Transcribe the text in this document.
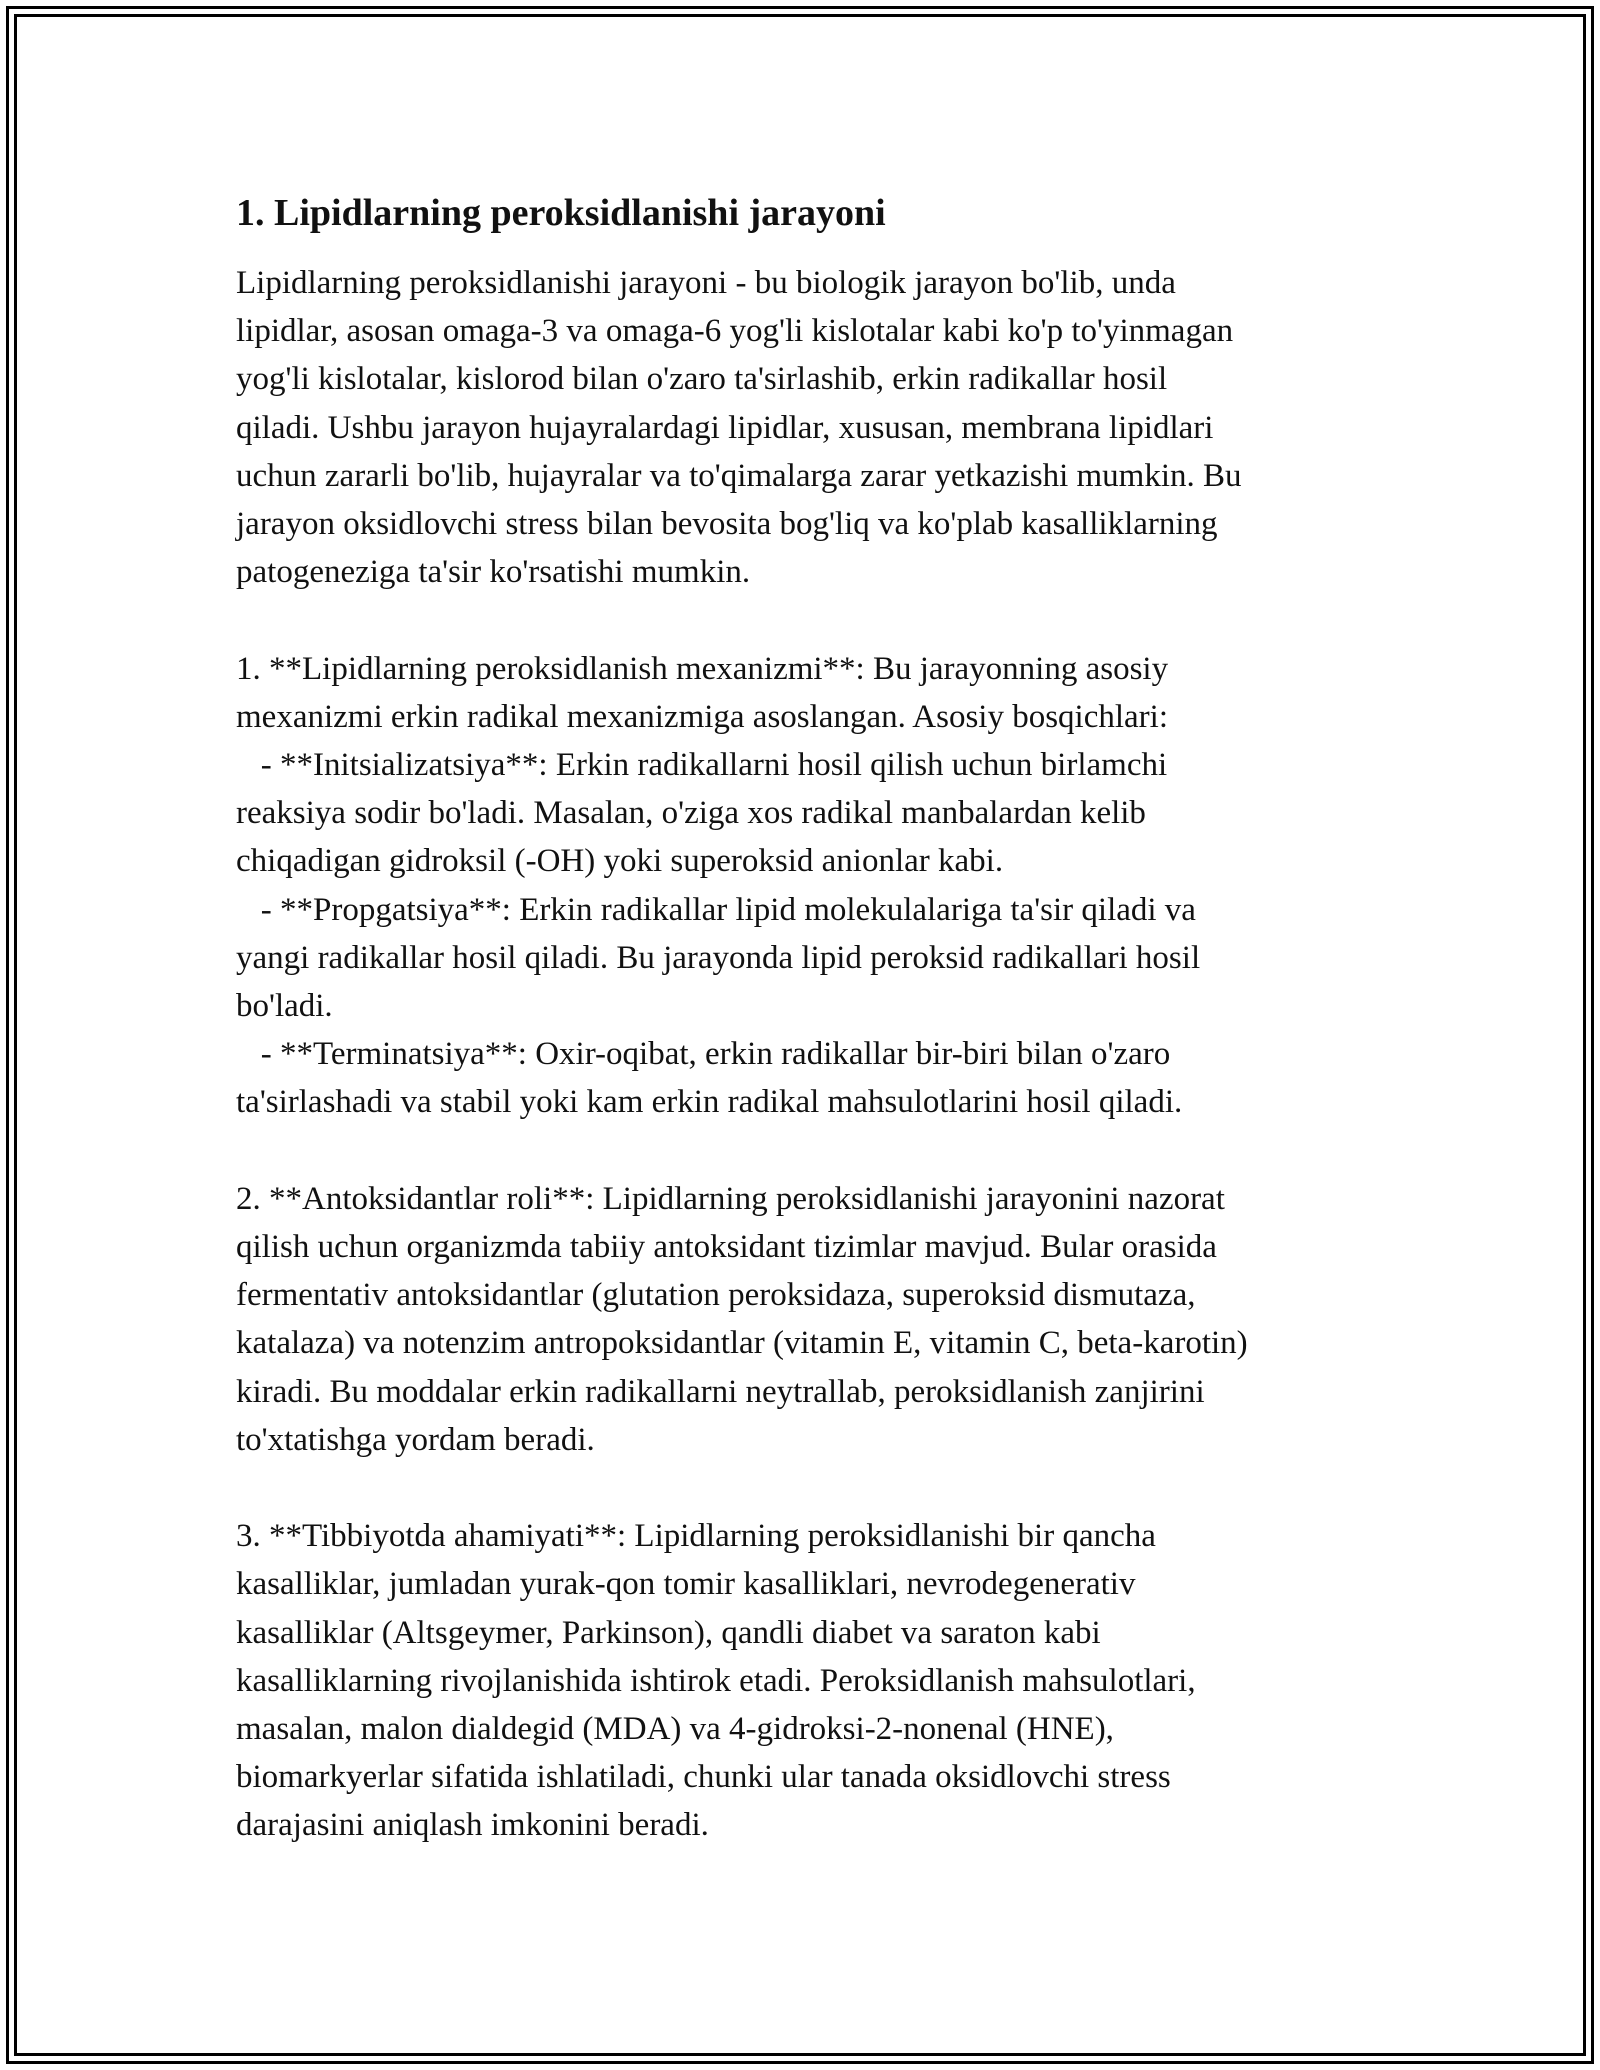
1. Lipidlarning peroksidlanishi jarayoni

Lipidlarning peroksidlanishi jarayoni - bu biologik jarayon bo'lib, unda
lipidlar, asosan omaga-3 va omaga-6 yog'li kislotalar kabi ko'p to'yinmagan
yog'li kislotalar, kislorod bilan o'zaro ta'sirlashib, erkin radikallar hosil
qiladi. Ushbu jarayon hujayralardagi lipidlar, xususan, membrana lipidlari
uchun zararli bo'lib, hujayralar va to'qimalarga zarar yetkazishi mumkin. Bu
jarayon oksidlovchi stress bilan bevosita bog'liq va ko'plab kasalliklarning
patogeneziga ta'sir ko'rsatishi mumkin.

1. **Lipidlarning peroksidlanish mexanizmi**: Bu jarayonning asosiy
mexanizmi erkin radikal mexanizmiga asoslangan. Asosiy bosqichlari:
- **Initsializatsiya**: Erkin radikallarni hosil qilish uchun birlamchi
reaksiya sodir bo'ladi. Masalan, o'ziga xos radikal manbalardan kelib
chiqadigan gidroksil (-OH) yoki superoksid anionlar kabi.
- **Propgatsiya**: Erkin radikallar lipid molekulalariga ta'sir qiladi va
yangi radikallar hosil qiladi. Bu jarayonda lipid peroksid radikallari hosil
bo'ladi.
- **Terminatsiya**: Oxir-oqibat, erkin radikallar bir-biri bilan o'zaro
ta'sirlashadi va stabil yoki kam erkin radikal mahsulotlarini hosil qiladi.

2. **Antoksidantlar roli**: Lipidlarning peroksidlanishi jarayonini nazorat
qilish uchun organizmda tabiiy antoksidant tizimlar mavjud. Bular orasida
fermentativ antoksidantlar (glutation peroksidaza, superoksid dismutaza,
katalaza) va notenzim antropoksidantlar (vitamin E, vitamin C, beta-karotin)
kiradi. Bu moddalar erkin radikallarni neytrallab, peroksidlanish zanjirini
to'xtatishga yordam beradi.

3. **Tibbiyotda ahamiyati**: Lipidlarning peroksidlanishi bir qancha
kasalliklar, jumladan yurak-qon tomir kasalliklari, nevrodegenerativ
kasalliklar (Altsgeymer, Parkinson), qandli diabet va saraton kabi
kasalliklarning rivojlanishida ishtirok etadi. Peroksidlanish mahsulotlari,
masalan, malon dialdegid (MDA) va 4-gidroksi-2-nonenal (HNE),
biomarkyerlar sifatida ishlatiladi, chunki ular tanada oksidlovchi stress
darajasini aniqlash imkonini beradi.
